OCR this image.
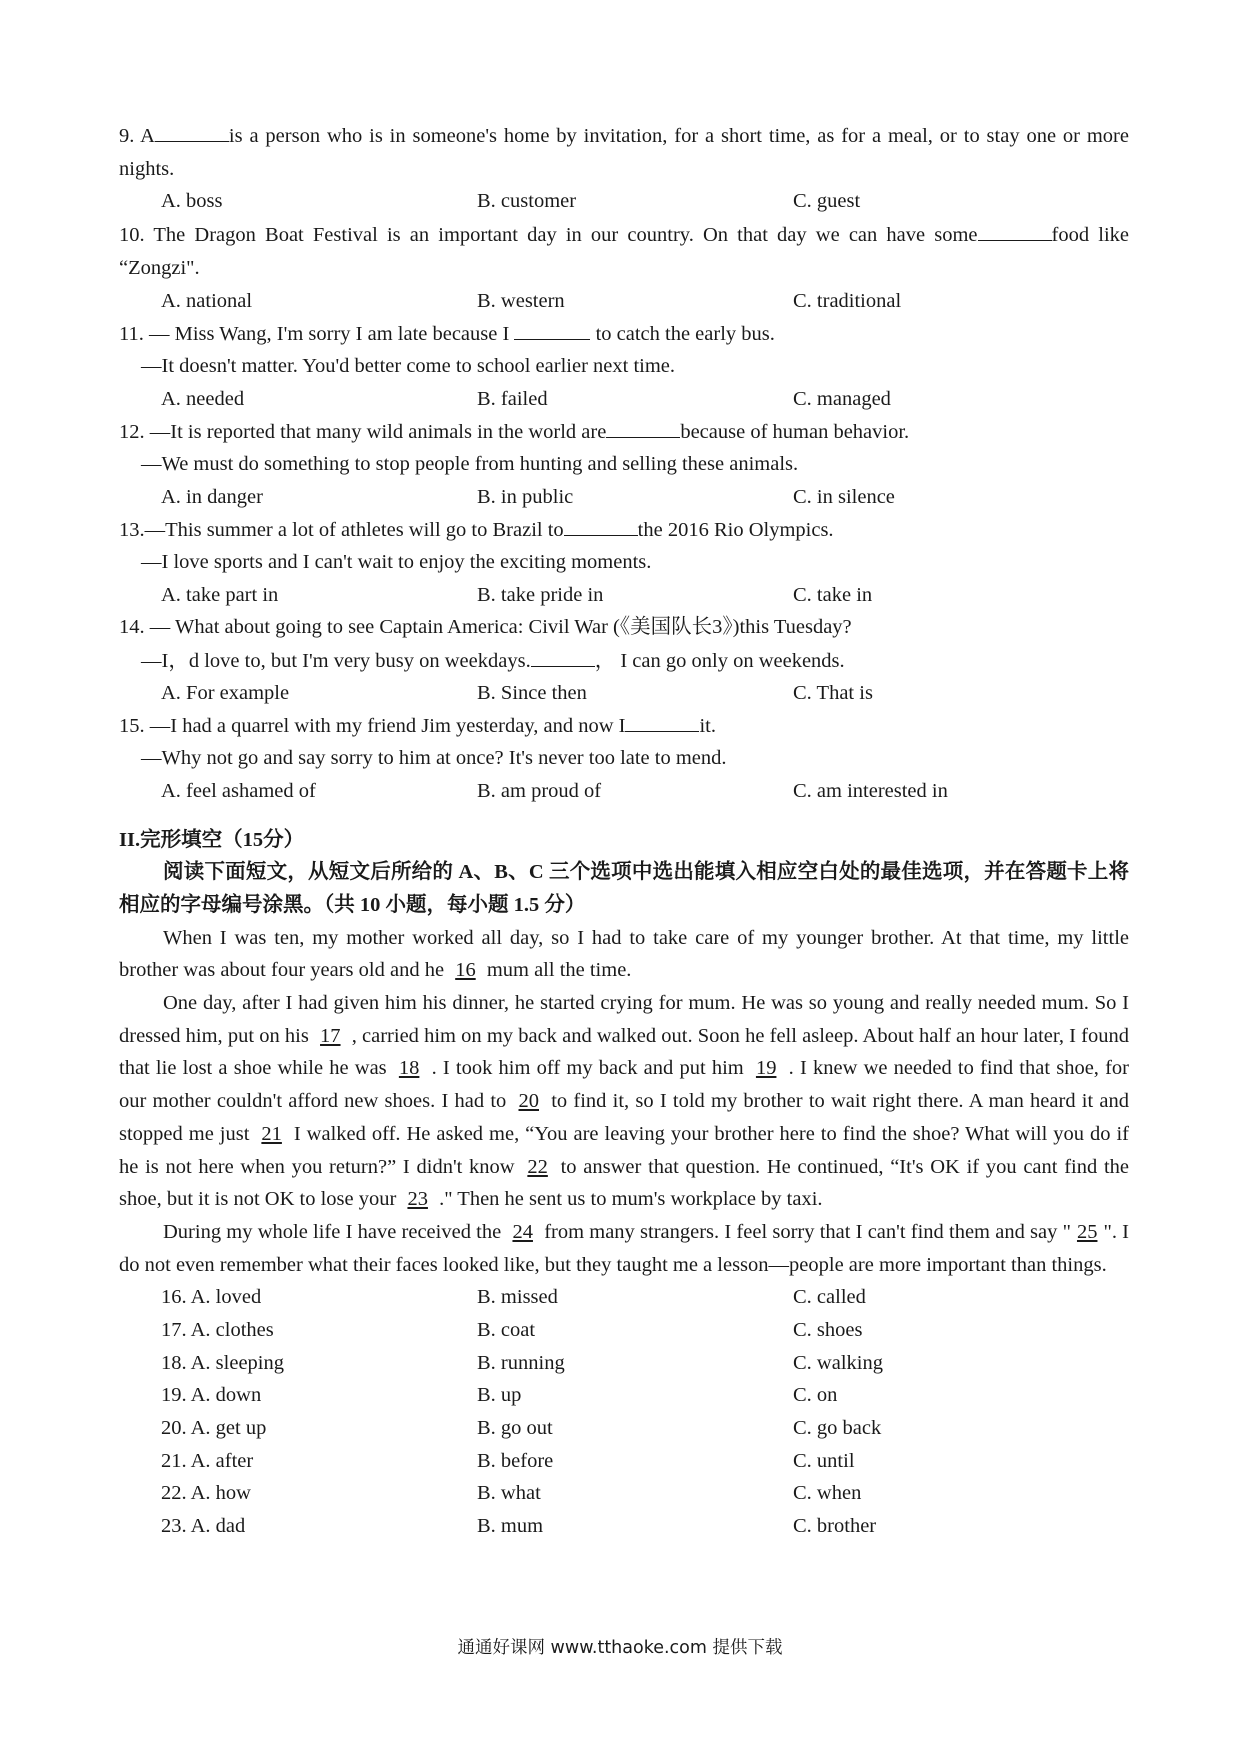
9. A	is a person who is in someone's home by invitation, for a short time, as for a meal, or to stay one or more nights.
A. boss	B. customer	C. guest
10. The Dragon Boat Festival is an important day in our country. On that day we can have some	food like “Zongzi".
A. national	B. western	C. traditional
11. — Miss Wang, I'm sorry I am late because I	to catch the early bus.
—It doesn't matter. You'd better come to school earlier next time.
A. needed	B. failed	C. managed
12. —It is reported that many wild animals in the world are	because of human behavior.
—We must do something to stop people from hunting and selling these animals.
A. in danger	B. in public	C. in silence
13.—This summer a lot of athletes will go to Brazil to	the 2016 Rio Olympics.
—I love sports and I can't wait to enjoy the exciting moments.
A. take part in	B. take pride in	C. take in
14. — What about going to see Captain America: Civil War (《美国队长3》)this Tuesday?
—I，d love to, but I'm very busy on weekdays.	， I can go only on weekends.
A. For example	B. Since then	C. That is
15. —I had a quarrel with my friend Jim yesterday, and now I	it.
—Why not go and say sorry to him at once? It's never too late to mend.
A. feel ashamed of	B. am proud of	C. am interested in
II.完形填空（15分）
阅读下面短文，从短文后所给的 A、B、C 三个选项中选出能填入相应空白处的最佳选项，并在答题卡上将相应的字母编号涂黑。（共 10 小题，每小题 1.5 分）
When I was ten, my mother worked all day, so I had to take care of my younger brother. At that time, my little brother was about four years old and he 16 mum all the time.
One day, after I had given him his dinner, he started crying for mum. He was so young and really needed mum. So I dressed him, put on his 17 , carried him on my back and walked out. Soon he fell asleep. About half an hour later, I found that lie lost a shoe while he was 18 . I took him off my back and put him 19 . I knew we needed to find that shoe, for our mother couldn't afford new shoes. I had to 20 to find it, so I told my brother to wait right there. A man heard it and stopped me just 21 I walked off. He asked me, “You are leaving your brother here to find the shoe? What will you do if he is not here when you return?” I didn't know 22 to answer that question. He continued, “It's OK if you cant find the shoe, but it is not OK to lose your 23 ." Then he sent us to mum's workplace by taxi.
During my whole life I have received the 24 from many strangers. I feel sorry that I can't find them and say " 25 ". I do not even remember what their faces looked like, but they taught me a lesson—people are more important than things.
16. A. loved	B. missed	C. called
17. A. clothes	B. coat	C. shoes
18. A. sleeping	B. running	C. walking
19. A. down	B. up	C. on
20. A. get up	B. go out	C. go back
21. A. after	B. before	C. until
22. A. how	B. what	C. when
23. A. dad	B. mum	C. brother
通通好课网 www.tthaoke.com 提供下载
